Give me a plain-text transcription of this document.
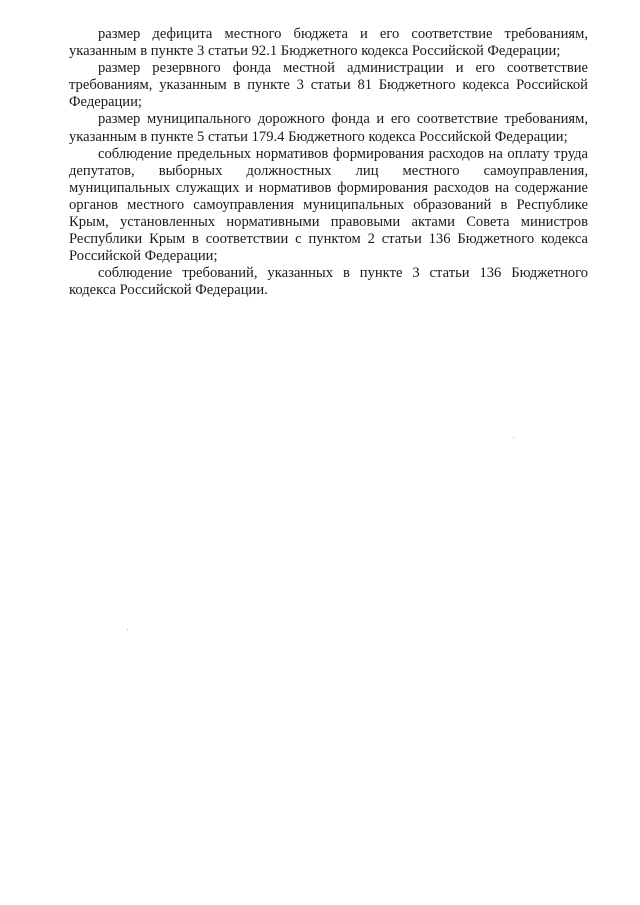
размер дефицита местного бюджета и его соответствие требованиям, указанным в пункте 3 статьи 92.1 Бюджетного кодекса Российской Федерации;

размер резервного фонда местной администрации и его соответствие требованиям, указанным в пункте 3 статьи 81 Бюджетного кодекса Российской Федерации;

размер муниципального дорожного фонда и его соответствие требованиям, указанным в пункте 5 статьи 179.4 Бюджетного кодекса Российской Федерации;

соблюдение предельных нормативов формирования расходов на оплату труда депутатов, выборных должностных лиц местного самоуправления, муниципальных служащих и нормативов формирования расходов на содержание органов местного самоуправления муниципальных образований в Республике Крым, установленных нормативными правовыми актами Совета министров Республики Крым в соответствии с пунктом 2 статьи 136 Бюджетного кодекса Российской Федерации;

соблюдение требований, указанных в пункте 3 статьи 136 Бюджетного кодекса Российской Федерации.
